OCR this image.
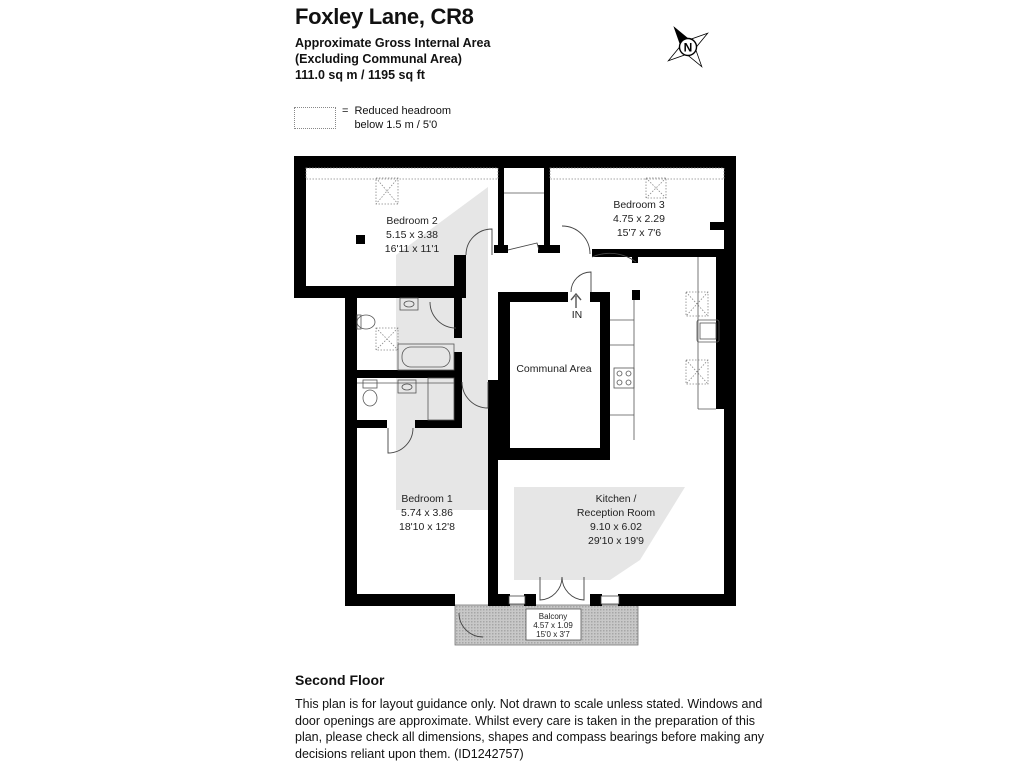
Foxley Lane, CR8
Approximate Gross Internal Area
(Excluding Communal Area)
111.0 sq m / 1195 sq ft
= Reduced headroom
below 1.5 m / 5'0
N
IN
Bedroom 2
5.15 x 3.38
16'11 x 11'1
Bedroom 3
4.75 x 2.29
15'7 x 7'6
Communal Area
Bedroom 1
5.74 x 3.86
18'10 x 12'8
Kitchen /
Reception Room
9.10 x 6.02
29'10 x 19'9
Balcony
4.57 x 1.09
15'0 x 3'7
Second Floor
This plan is for layout guidance only. Not drawn to scale unless stated. Windows and door openings are approximate. Whilst every care is taken in the preparation of this plan, please check all dimensions, shapes and compass bearings before making any decisions reliant upon them. (ID1242757)
